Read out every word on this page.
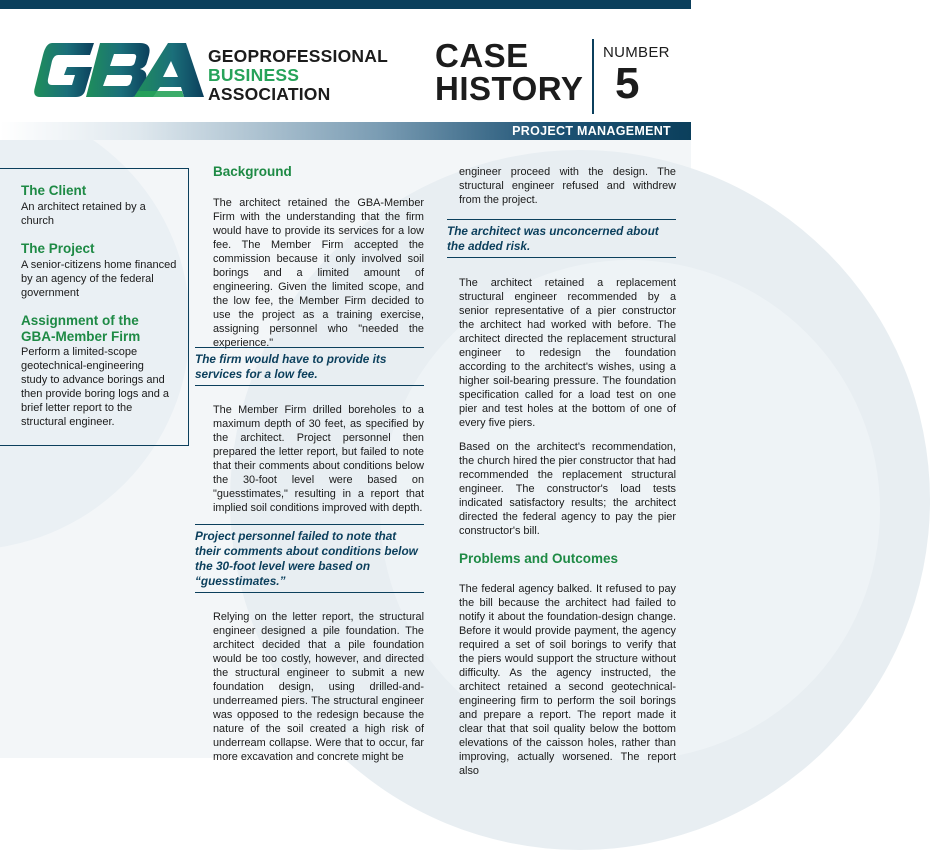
GEOPROFESSIONAL
BUSINESS
ASSOCIATION
CASE
HISTORY
NUMBER
5
PROJECT MANAGEMENT
The Client
An architect retained by a church
The Project
A senior-citizens home financed by an agency of the federal government
Assignment of the GBA-Member Firm
Perform a limited-scope geotechnical-engineering study to advance borings and then provide boring logs and a brief letter report to the structural engineer.
Background

The architect retained the GBA-Member Firm with the understanding that the firm would have to provide its services for a low fee. The Member Firm accepted the commission because it only involved soil borings and a limited amount of engineering. Given the limited scope, and the low fee, the Member Firm decided to use the project as a training exercise, assigning personnel who "needed the experience."

The firm would have to provide its services for a low fee.

The Member Firm drilled boreholes to a maximum depth of 30 feet, as specified by the architect. Project personnel then prepared the letter report, but failed to note that their comments about conditions below the 30-foot level were based on "guesstimates," resulting in a report that implied soil conditions improved with depth.

Project personnel failed to note that their comments about conditions below the 30-foot level were based on “guesstimates.”

Relying on the letter report, the structural engineer designed a pile foundation. The architect decided that a pile foundation would be too costly, however, and directed the structural engineer to submit a new foundation design, using drilled-and-underreamed piers. The structural engineer was opposed to the redesign because the nature of the soil created a high risk of underream collapse. Were that to occur, far more excavation and concrete might be

engineer proceed with the design. The structural engineer refused and withdrew from the project.

The architect was unconcerned about the added risk.

The architect retained a replacement structural engineer recommended by a senior representative of a pier constructor the architect had worked with before. The architect directed the replacement structural engineer to redesign the foundation according to the architect's wishes, using a higher soil-bearing pressure. The foundation specification called for a load test on one pier and test holes at the bottom of one of every five piers.

Based on the architect's recommendation, the church hired the pier constructor that had recommended the replacement structural engineer. The constructor's load tests indicated satisfactory results; the architect directed the federal agency to pay the pier constructor's bill.

Problems and Outcomes

The federal agency balked. It refused to pay the bill because the architect had failed to notify it about the foundation-design change. Before it would provide payment, the agency required a set of soil borings to verify that the piers would support the structure without difficulty. As the agency instructed, the architect retained a second geotechnical-engineering firm to perform the soil borings and prepare a report. The report made it clear that that soil quality below the bottom elevations of the caisson holes, rather than improving, actually worsened. The report also
